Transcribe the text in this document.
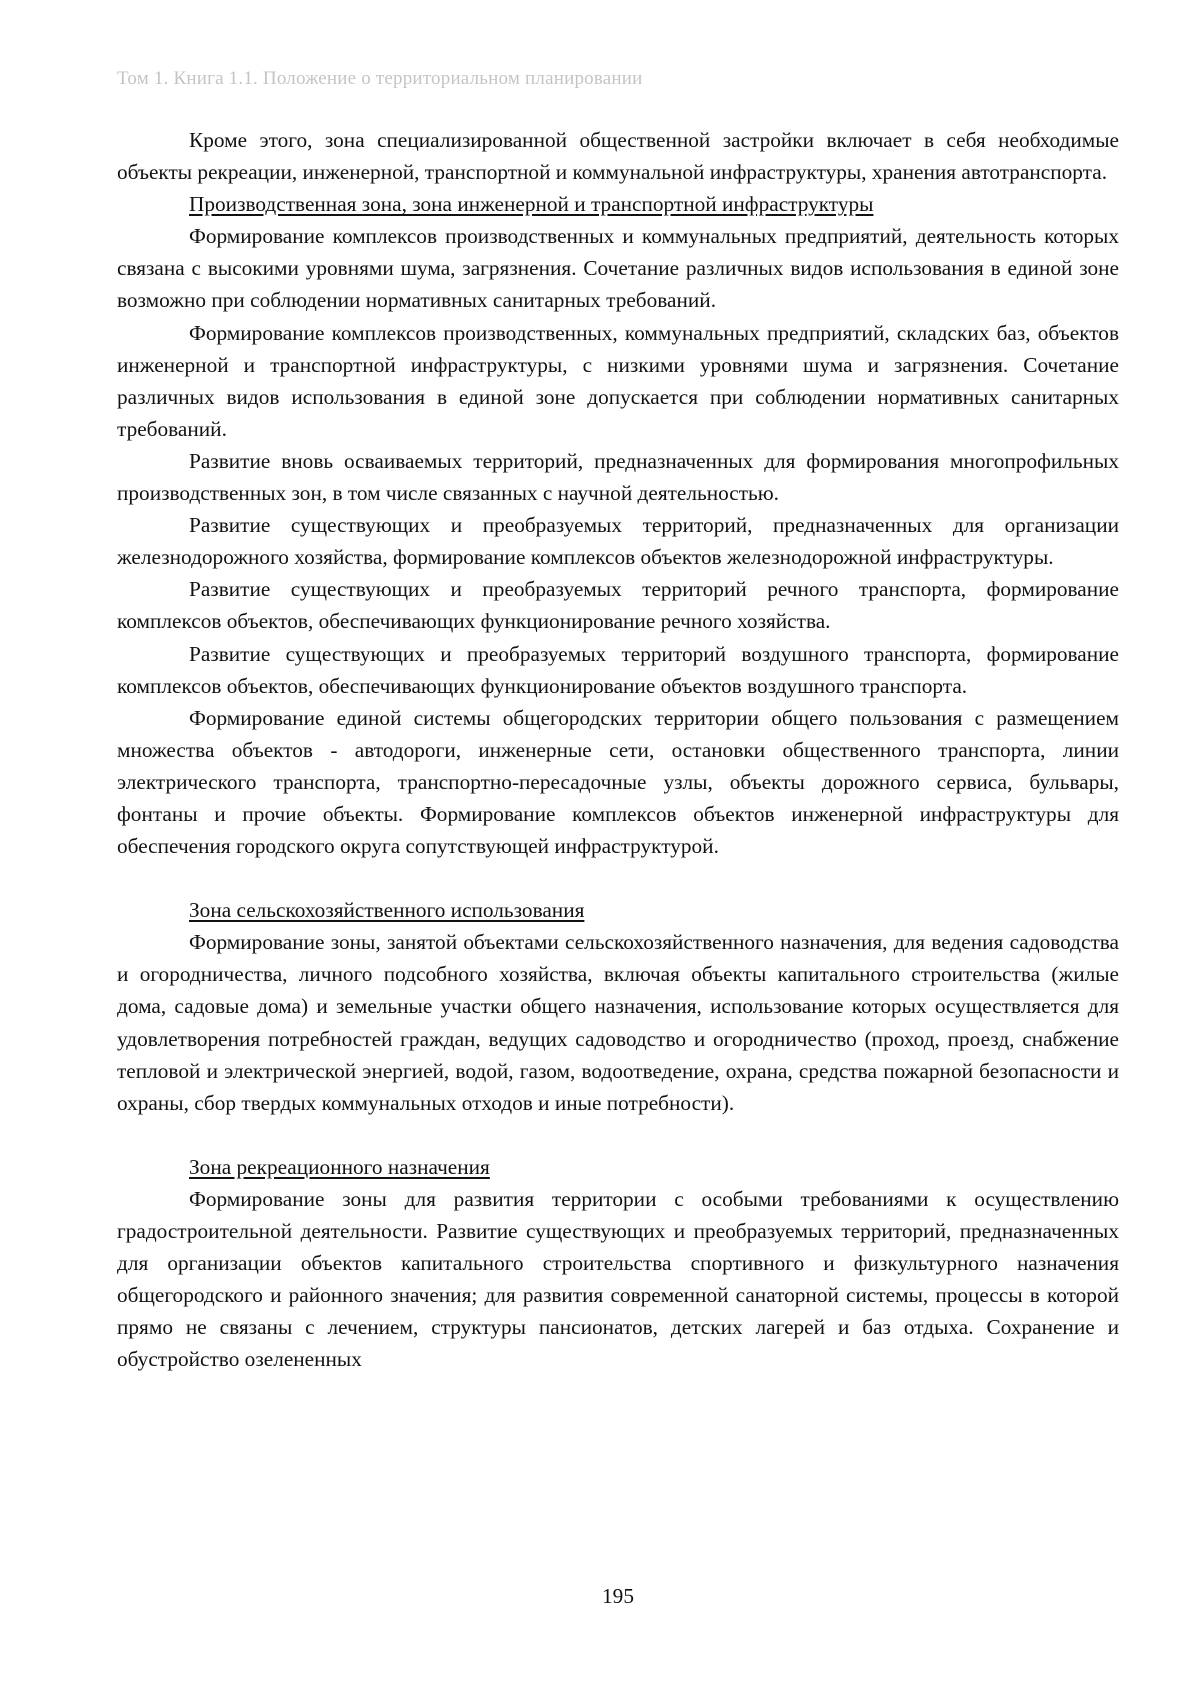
Том 1. Книга 1.1. Положение о территориальном планировании

Кроме этого, зона специализированной общественной застройки включает в себя необходимые объекты рекреации, инженерной, транспортной и коммунальной инфраструктуры, хранения автотранспорта.

Производственная зона, зона инженерной и транспортной инфраструктуры

Формирование комплексов производственных и коммунальных предприятий, деятельность которых связана с высокими уровнями шума, загрязнения. Сочетание различных видов использования в единой зоне возможно при соблюдении нормативных санитарных требований.

Формирование комплексов производственных, коммунальных предприятий, складских баз, объектов инженерной и транспортной инфраструктуры, с низкими уровнями шума и загрязнения. Сочетание различных видов использования в единой зоне допускается при соблюдении нормативных санитарных требований.

Развитие вновь осваиваемых территорий, предназначенных для формирования многопрофильных производственных зон, в том числе связанных с научной деятельностью.

Развитие существующих и преобразуемых территорий, предназначенных для организации железнодорожного хозяйства, формирование комплексов объектов железнодорожной инфраструктуры.

Развитие существующих и преобразуемых территорий речного транспорта, формирование комплексов объектов, обеспечивающих функционирование речного хозяйства.

Развитие существующих и преобразуемых территорий воздушного транспорта, формирование комплексов объектов, обеспечивающих функционирование объектов воздушного транспорта.

Формирование единой системы общегородских территории общего пользования с размещением множества объектов - автодороги, инженерные сети, остановки общественного транспорта, линии электрического транспорта, транспортно-пересадочные узлы, объекты дорожного сервиса, бульвары, фонтаны и прочие объекты. Формирование комплексов объектов инженерной инфраструктуры для обеспечения городского округа сопутствующей инфраструктурой.

Зона сельскохозяйственного использования

Формирование зоны, занятой объектами сельскохозяйственного назначения, для ведения садоводства и огородничества, личного подсобного хозяйства, включая объекты капитального строительства (жилые дома, садовые дома) и земельные участки общего назначения, использование которых осуществляется для удовлетворения потребностей граждан, ведущих садоводство и огородничество (проход, проезд, снабжение тепловой и электрической энергией, водой, газом, водоотведение, охрана, средства пожарной безопасности и охраны, сбор твердых коммунальных отходов и иные потребности).

Зона рекреационного назначения

Формирование зоны для развития территории с особыми требованиями к осуществлению градостроительной деятельности. Развитие существующих и преобразуемых территорий, предназначенных для организации объектов капитального строительства спортивного и физкультурного назначения общегородского и районного значения; для развития современной санаторной системы, процессы в которой прямо не связаны с лечением, структуры пансионатов, детских лагерей и баз отдыха. Сохранение и обустройство озелененных

195
